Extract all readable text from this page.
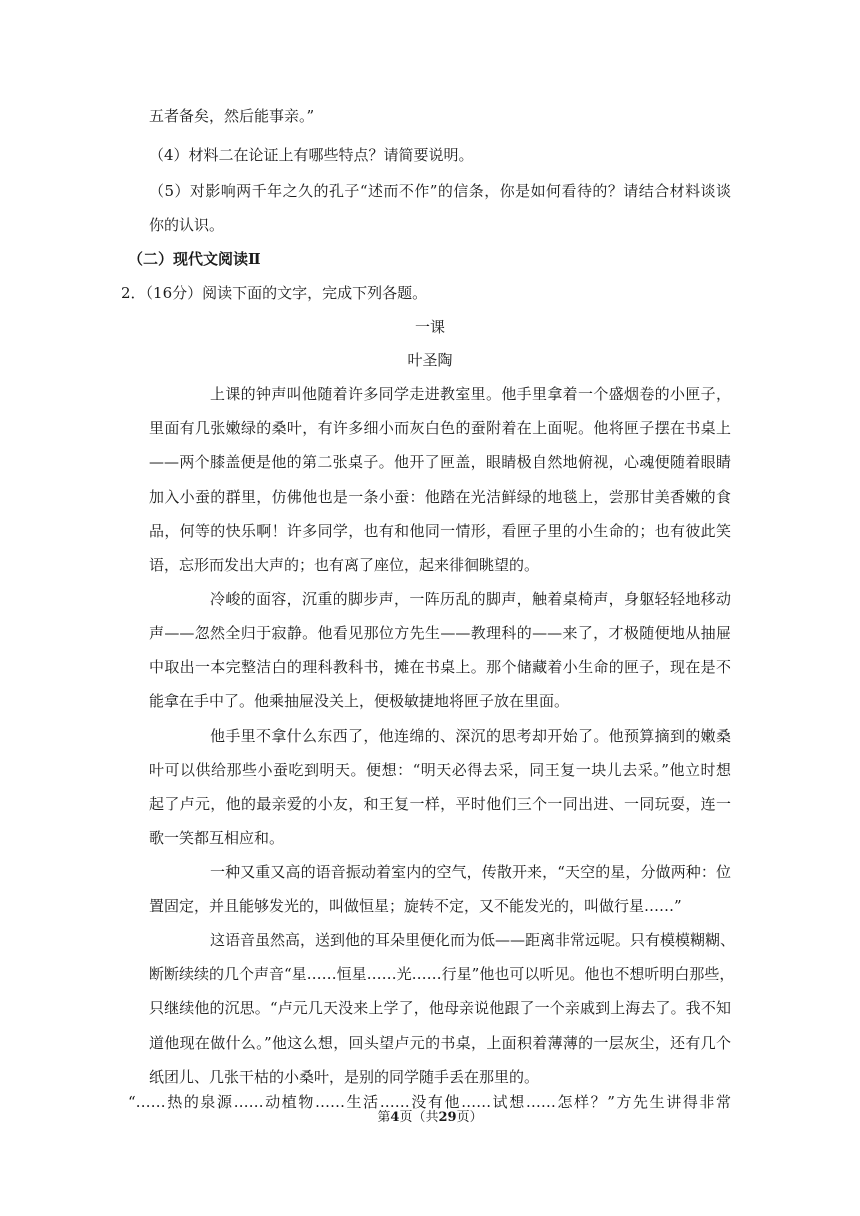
五者备矣，然后能事亲。”
（4）材料二在论证上有哪些特点？请简要说明。
（5）对影响两千年之久的孔子“述而不作”的信条，你是如何看待的？请结合材料谈谈
你的认识。
（二）现代文阅读Ⅱ
2．（16分）阅读下面的文字，完成下列各题。
一课
叶圣陶
上课的钟声叫他随着许多同学走进教室里。他手里拿着一个盛烟卷的小匣子，
里面有几张嫩绿的桑叶，有许多细小而灰白色的蚕附着在上面呢。他将匣子摆在书桌上
——两个膝盖便是他的第二张桌子。他开了匣盖，眼睛极自然地俯视，心魂便随着眼睛
加入小蚕的群里，仿佛他也是一条小蚕：他踏在光洁鲜绿的地毯上，尝那甘美香嫩的食
品，何等的快乐啊！许多同学，也有和他同一情形，看匣子里的小生命的；也有彼此笑
语，忘形而发出大声的；也有离了座位，起来徘徊眺望的。
冷峻的面容，沉重的脚步声，一阵历乱的脚声，触着桌椅声，身躯轻轻地移动
声——忽然全归于寂静。他看见那位方先生——教理科的——来了，才极随便地从抽屉
中取出一本完整洁白的理科教科书，摊在书桌上。那个储藏着小生命的匣子，现在是不
能拿在手中了。他乘抽屉没关上，便极敏捷地将匣子放在里面。
他手里不拿什么东西了，他连绵的、深沉的思考却开始了。他预算摘到的嫩桑
叶可以供给那些小蚕吃到明天。便想：“明天必得去采，同王复一块儿去采。”他立时想
起了卢元，他的最亲爱的小友，和王复一样，平时他们三个一同出进、一同玩耍，连一
歌一笑都互相应和。
一种又重又高的语音振动着室内的空气，传散开来，“天空的星，分做两种：位
置固定，并且能够发光的，叫做恒星；旋转不定，又不能发光的，叫做行星……”
这语音虽然高，送到他的耳朵里便化而为低——距离非常远呢。只有模模糊糊、
断断续续的几个声音“星……恒星……光……行星”他也可以听见。他也不想听明白那些，
只继续他的沉思。“卢元几天没来上学了，他母亲说他跟了一个亲戚到上海去了。我不知
道他现在做什么。”他这么想，回头望卢元的书桌，上面积着薄薄的一层灰尘，还有几个
纸团儿、几张干枯的小桑叶，是别的同学随手丢在那里的。
“……热的泉源……动植物……生活……没有他……试想……怎样？”方先生讲得非常
第4页（共29页）
